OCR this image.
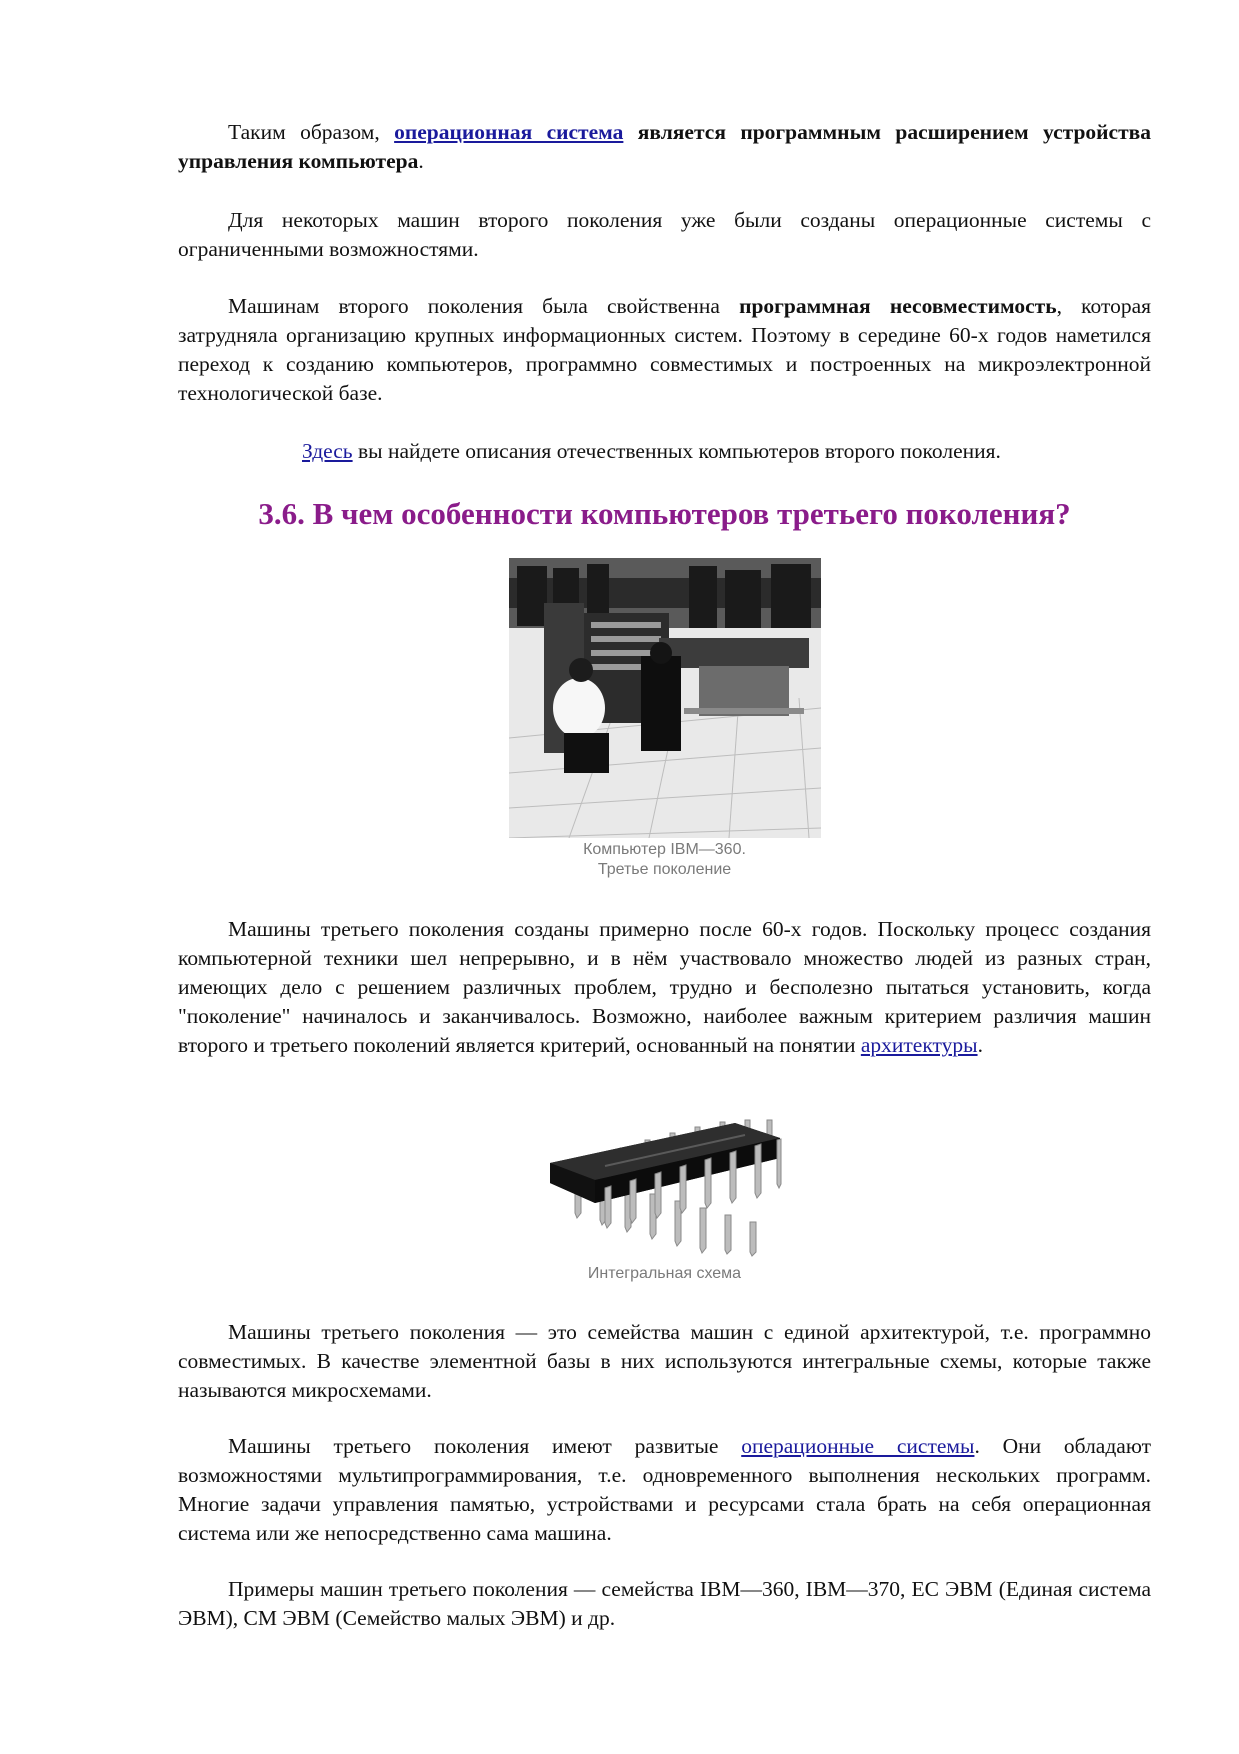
Таким образом, операционная система является программным расширением устройства управления компьютера.

Для некоторых машин второго поколения уже были созданы операционные системы с ограниченными возможностями.

Машинам второго поколения была свойственна программная несовместимость, которая затрудняла организацию крупных информационных систем. Поэтому в середине 60-х годов наметился переход к созданию компьютеров, программно совместимых и построенных на микроэлектронной технологической базе.

Здесь вы найдете описания отечественных компьютеров второго поколения.

3.6. В чем особенности компьютеров третьего поколения?
Компьютер IBM—360.
Третье поколение

Машины третьего поколения созданы примерно после 60-х годов. Поскольку процесс создания компьютерной техники шел непрерывно, и в нём участвовало множество людей из разных стран, имеющих дело с решением различных проблем, трудно и бесполезно пытаться установить, когда "поколение" начиналось и заканчивалось. Возможно, наиболее важным критерием различия машин второго и третьего поколений является критерий, основанный на понятии архитектуры.

Интегральная схема

Машины третьего поколения — это семейства машин с единой архитектурой, т.е. программно совместимых. В качестве элементной базы в них используются интегральные схемы, которые также называются микросхемами.

Машины третьего поколения имеют развитые операционные системы. Они обладают возможностями мультипрограммирования, т.е. одновременного выполнения нескольких программ. Многие задачи управления памятью, устройствами и ресурсами стала брать на себя операционная система или же непосредственно сама машина.

Примеры машин третьего поколения — семейства IBM—360, IBM—370, ЕС ЭВМ (Единая система ЭВМ), СМ ЭВМ (Семейство малых ЭВМ) и др.
